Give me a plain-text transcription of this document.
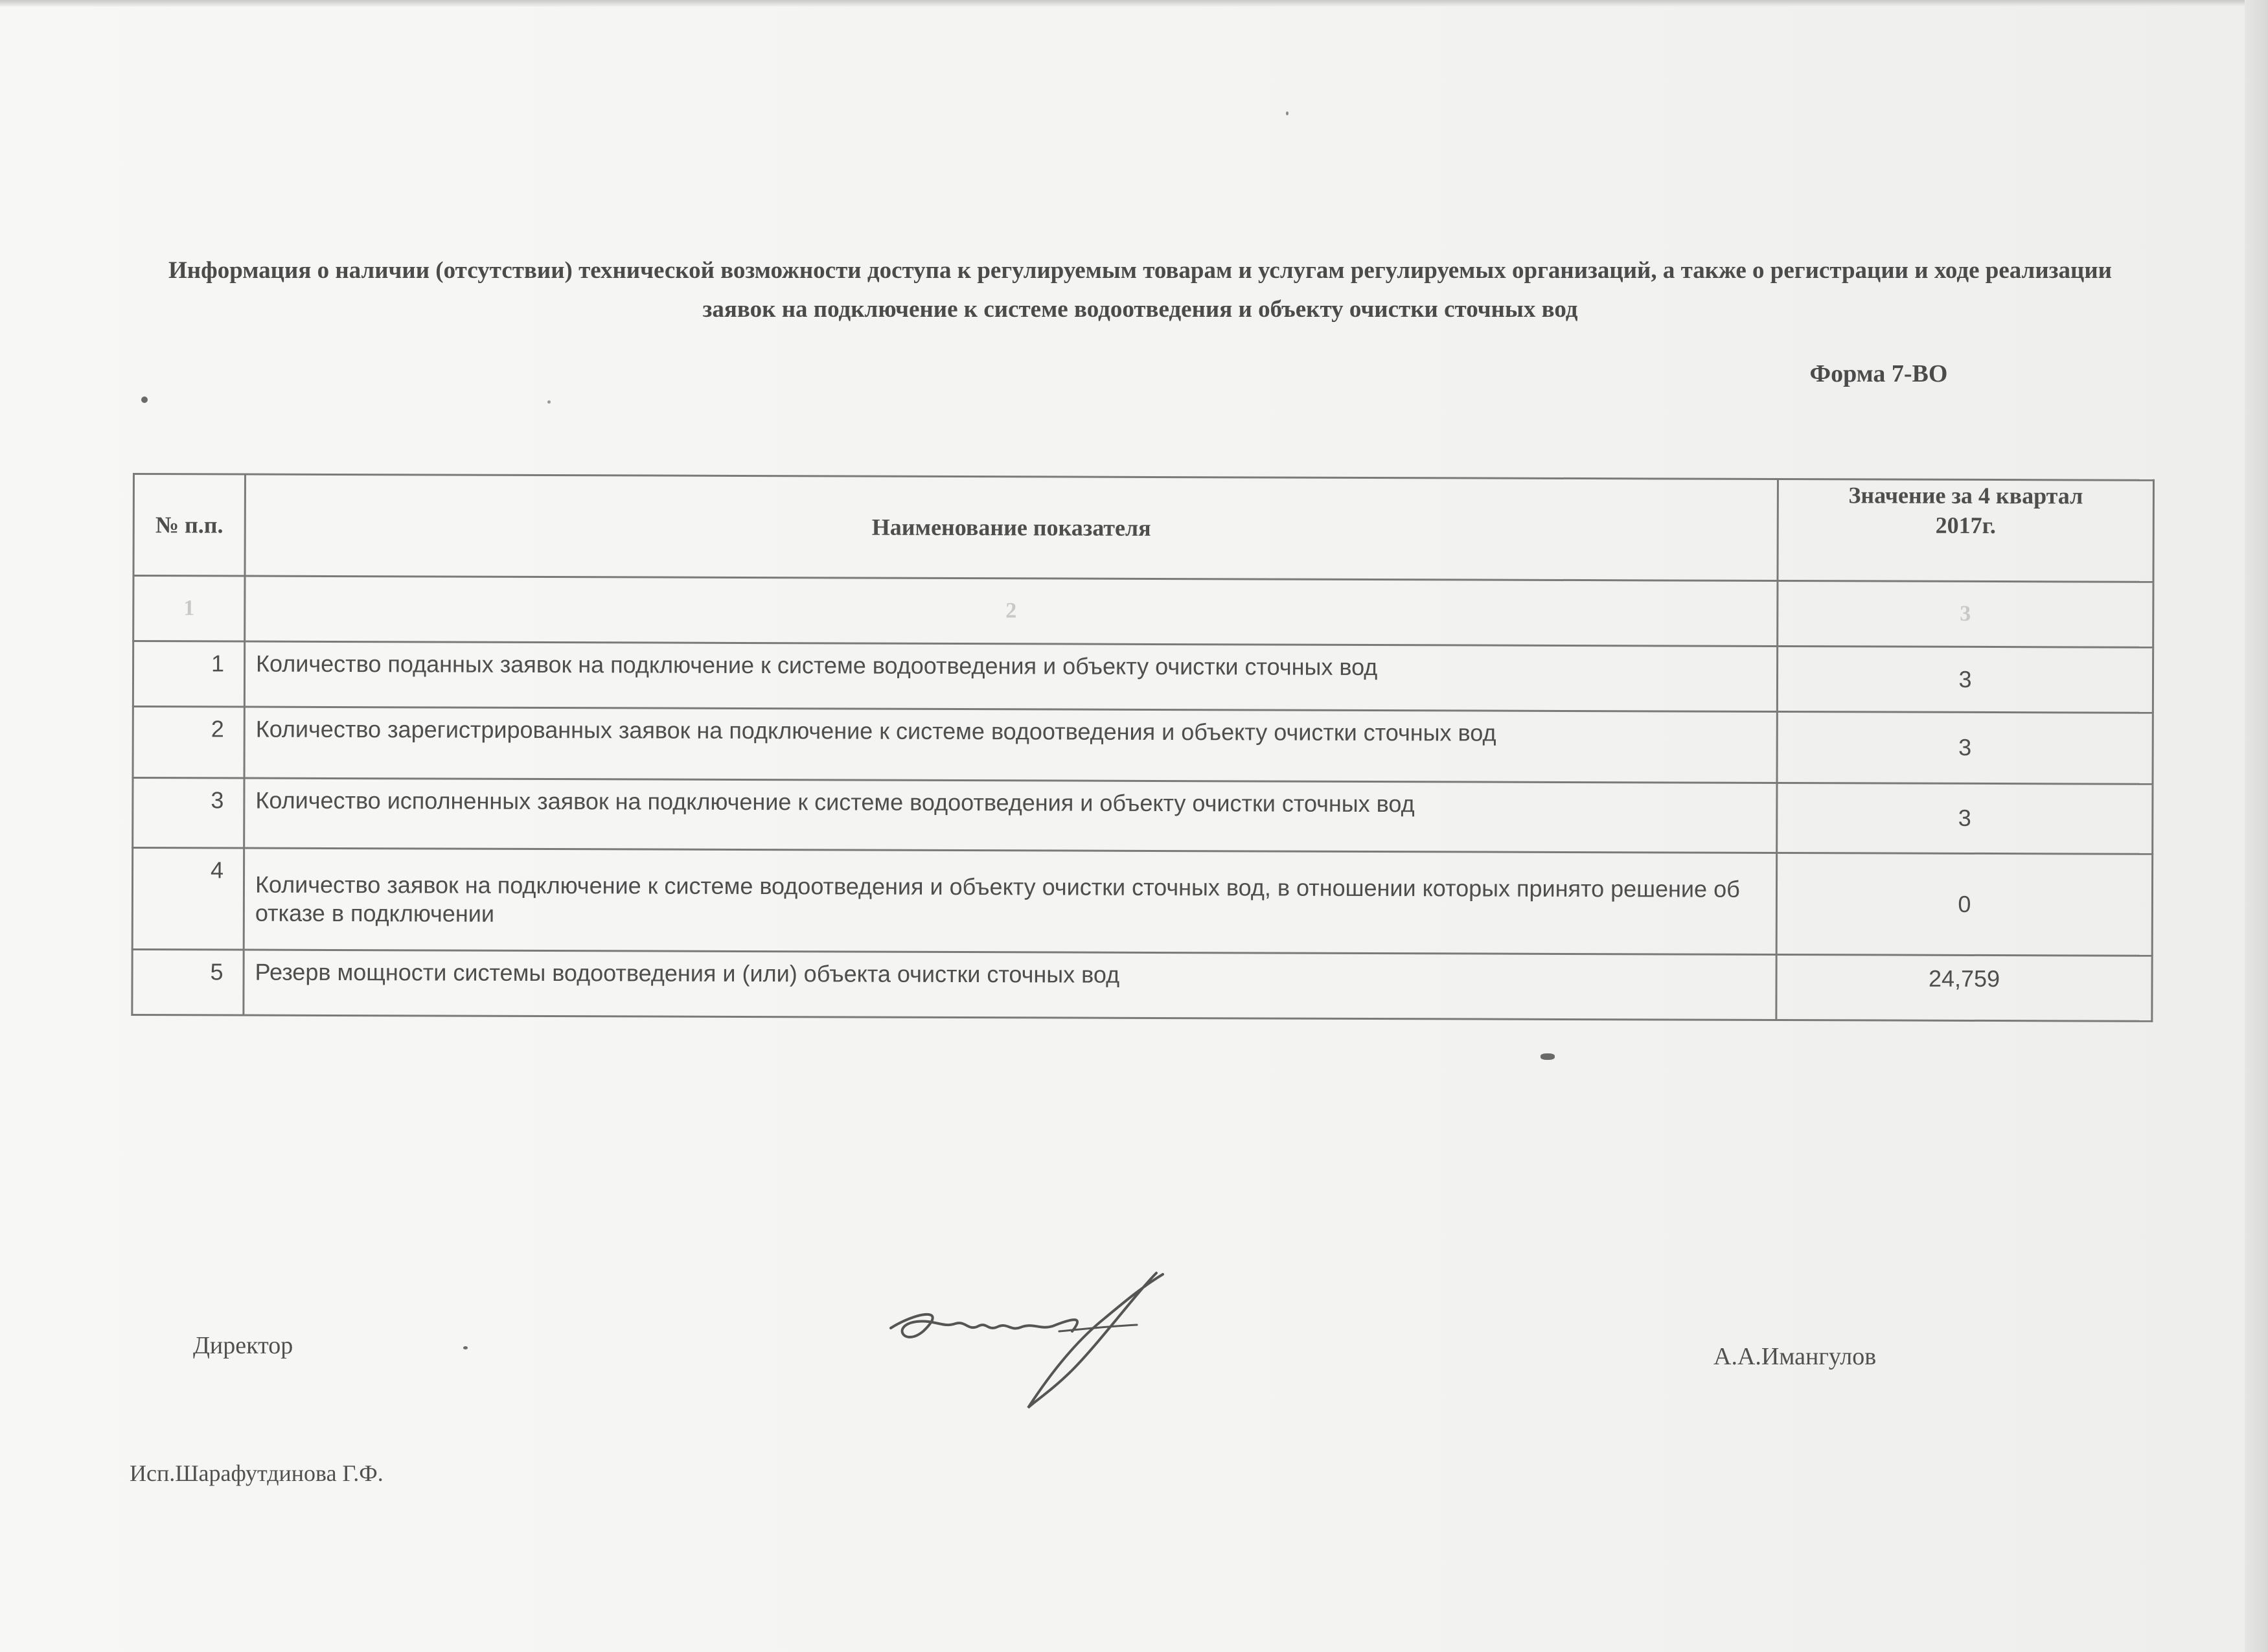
Информация о наличии (отсутствии) технической возможности доступа к регулируемым товарам и услугам регулируемых организаций, а также о регистрации и ходе реализации заявок на подключение к системе водоотведения и объекту очистки сточных вод
Форма 7-ВО
№ п.п.	Наименование показателя	Значение за 4 квартал 2017г.
1	2	3
1	Количество поданных заявок на подключение к системе водоотведения и объекту очистки сточных вод	3
2	Количество зарегистрированных заявок на подключение к системе водоотведения и объекту очистки сточных вод	3
3	Количество исполненных заявок на подключение к системе водоотведения и объекту очистки сточных вод	3
4	Количество заявок на подключение к системе водоотведения и объекту очистки сточных вод, в отношении которых принято решение об отказе в подключении	0
5	Резерв мощности системы водоотведения и (или) объекта очистки сточных вод	24,759
Директор	А.А.Имангулов
Исп.Шарафутдинова Г.Ф.
